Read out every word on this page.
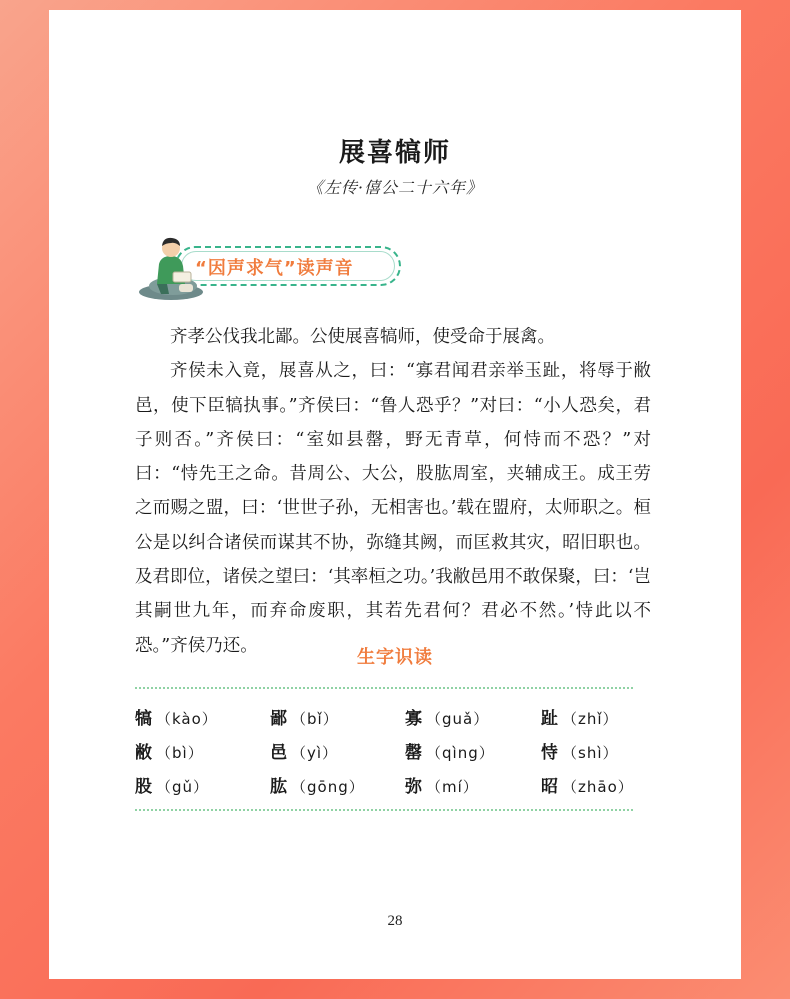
展喜犒师
《左传·僖公二十六年》
“因声求气”读声音

齐孝公伐我北鄙。公使展喜犒师，使受命于展禽。

齐侯未入竟，展喜从之，曰：“寡君闻君亲举玉趾，将辱于敝邑，使下臣犒执事。”齐侯曰：“鲁人恐乎？”对曰：“小人恐矣，君子则否。”齐侯曰：“室如县罄，野无青草，何恃而不恐？”对曰：“恃先王之命。昔周公、大公，股肱周室，夹辅成王。成王劳之而赐之盟，曰：‘世世子孙，无相害也。’载在盟府，太师职之。桓公是以纠合诸侯而谋其不协，弥缝其阙，而匡救其灾，昭旧职也。及君即位，诸侯之望曰：‘其率桓之功。’我敝邑用不敢保聚，曰：‘岂其嗣世九年，而弃命废职，其若先君何？君必不然。’恃此以不恐。”齐侯乃还。

生字识读
犒 （kào）	鄙 （bǐ）	寡 （guǎ）	趾 （zhǐ）
敝 （bì）	邑 （yì）	罄 （qìng）	恃 （shì）
股 （gǔ）	肱 （gōng） 弥 （mí）	昭 （zhāo）
28
